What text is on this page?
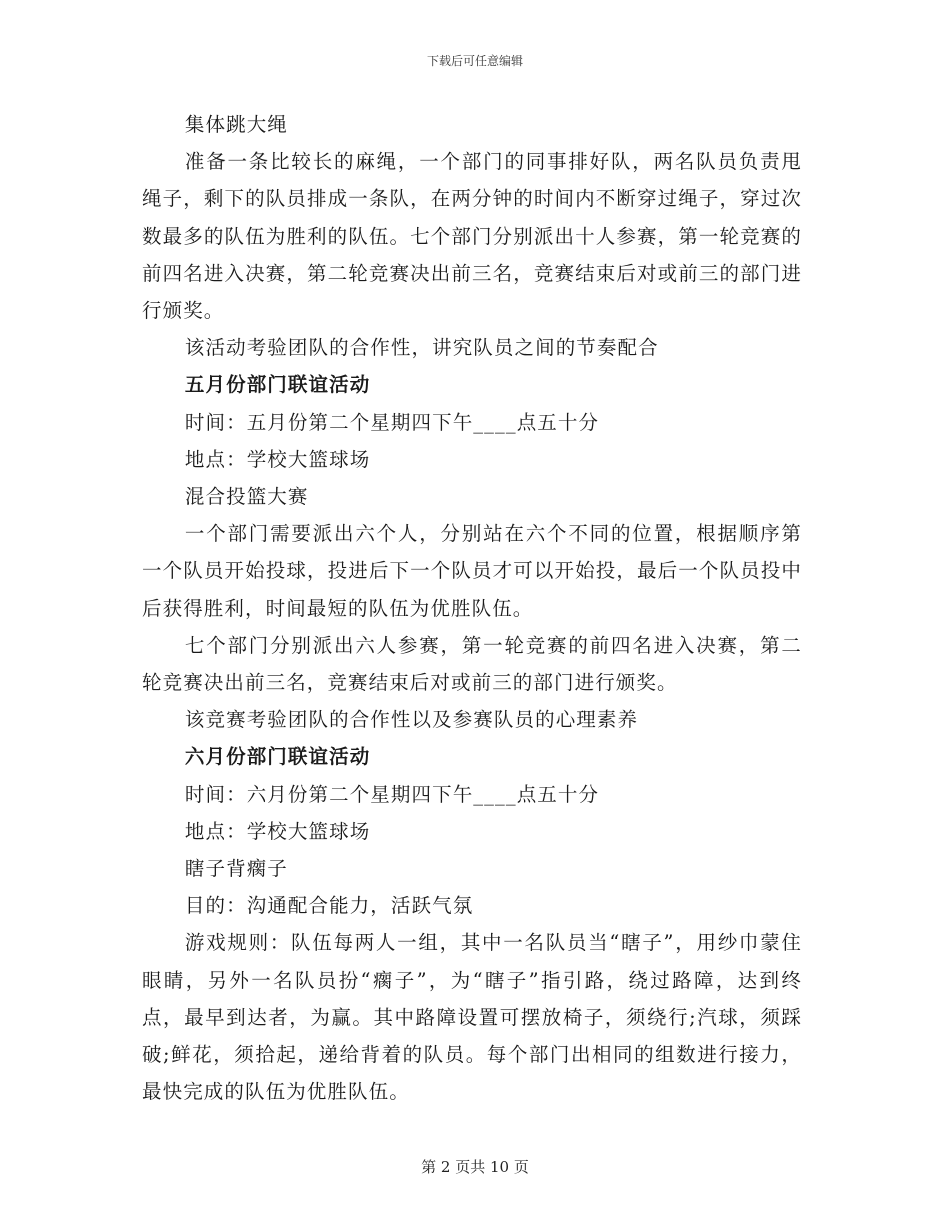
下载后可任意编辑

集体跳大绳

准备一条比较长的麻绳，一个部门的同事排好队，两名队员负责甩绳子，剩下的队员排成一条队，在两分钟的时间内不断穿过绳子，穿过次数最多的队伍为胜利的队伍。七个部门分别派出十人参赛，第一轮竞赛的前四名进入决赛，第二轮竞赛决出前三名，竞赛结束后对或前三的部门进行颁奖。

该活动考验团队的合作性，讲究队员之间的节奏配合

五月份部门联谊活动

时间：五月份第二个星期四下午____点五十分

地点：学校大篮球场

混合投篮大赛

一个部门需要派出六个人，分别站在六个不同的位置，根据顺序第一个队员开始投球，投进后下一个队员才可以开始投，最后一个队员投中后获得胜利，时间最短的队伍为优胜队伍。

七个部门分别派出六人参赛，第一轮竞赛的前四名进入决赛，第二轮竞赛决出前三名，竞赛结束后对或前三的部门进行颁奖。

该竞赛考验团队的合作性以及参赛队员的心理素养

六月份部门联谊活动

时间：六月份第二个星期四下午____点五十分

地点：学校大篮球场

瞎子背瘸子

目的：沟通配合能力，活跃气氛

游戏规则：队伍每两人一组，其中一名队员当“瞎子”，用纱巾蒙住眼睛，另外一名队员扮“瘸子”，为“瞎子”指引路，绕过路障，达到终点，最早到达者，为赢。其中路障设置可摆放椅子，须绕行;汽球，须踩破;鲜花，须拾起，递给背着的队员。每个部门出相同的组数进行接力，最快完成的队伍为优胜队伍。

第 2 页共 10 页
